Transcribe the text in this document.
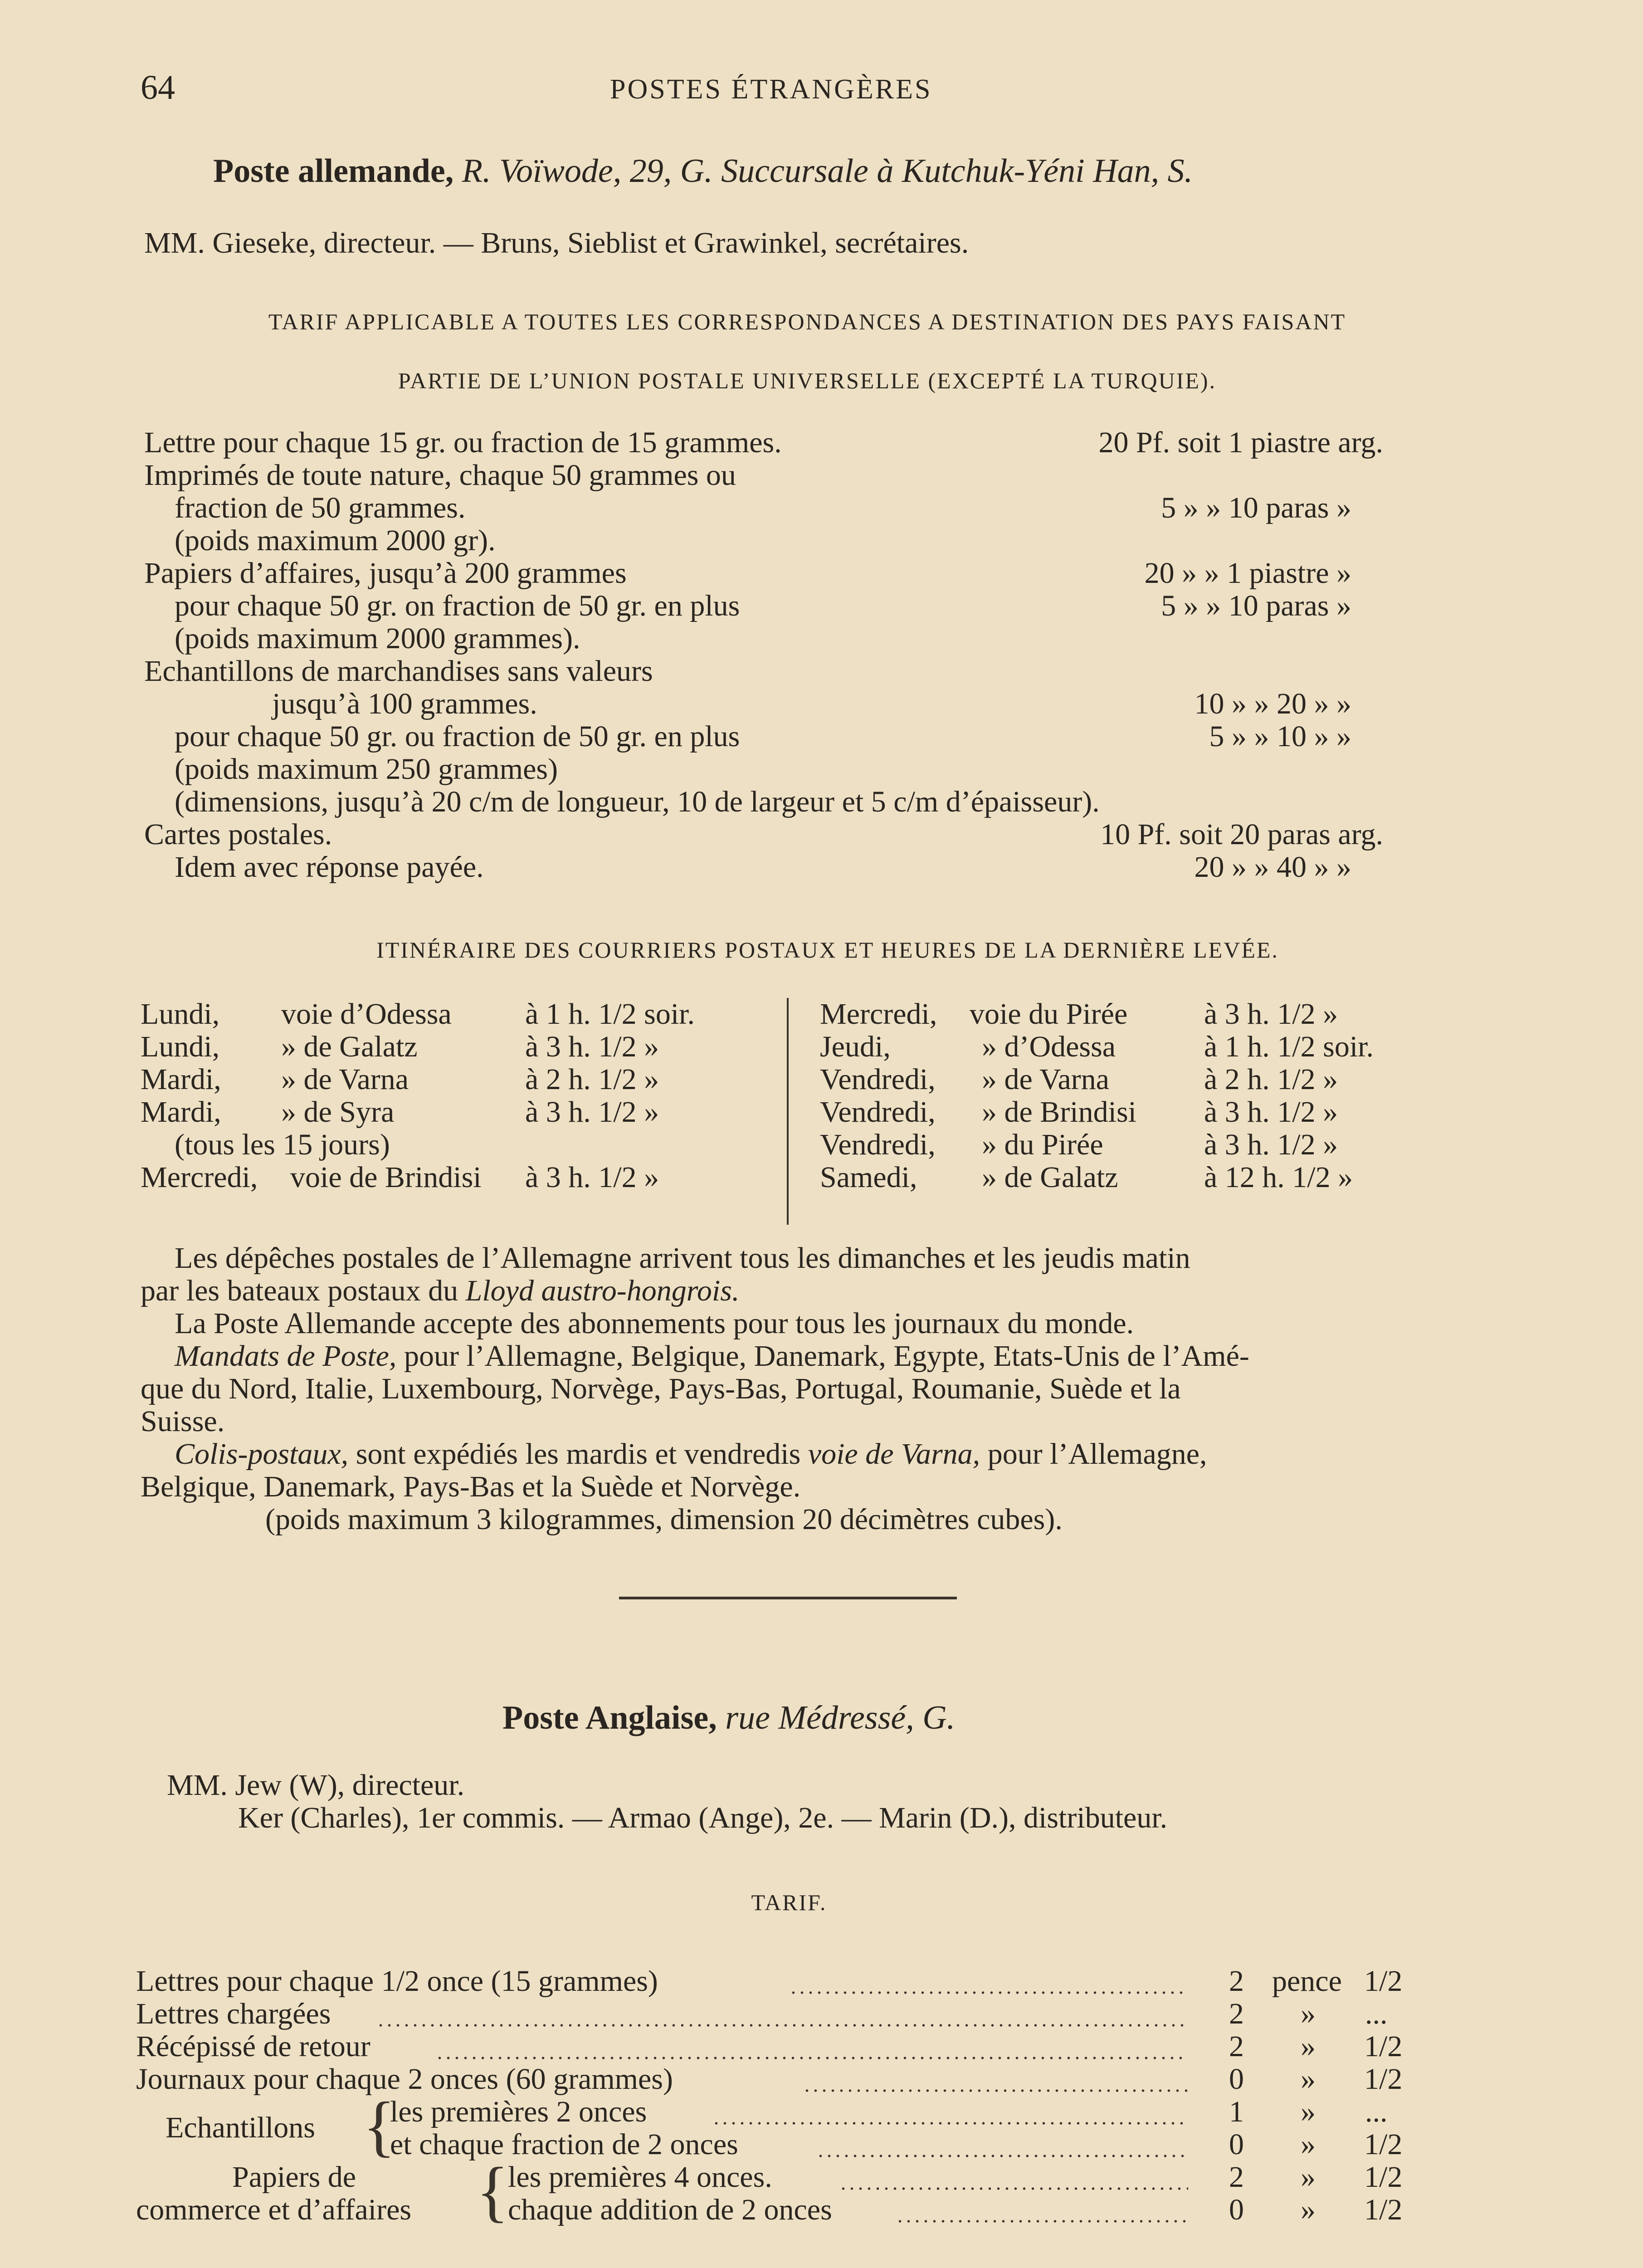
64	POSTES ÉTRANGÈRES
Poste allemande, R. Voïwode, 29, G. Succursale à Kutchuk-Yéni Han, S.
MM. Gieseke, directeur. — Bruns, Sieblist et Grawinkel, secrétaires.
TARIF APPLICABLE A TOUTES LES CORRESPONDANCES A DESTINATION DES PAYS FAISANT
PARTIE DE L’UNION POSTALE UNIVERSELLE (EXCEPTÉ LA TURQUIE).
Lettre pour chaque 15 gr. ou fraction de 15 grammes.	20 Pf. soit 1 piastre arg.
Imprimés de toute nature, chaque 50 grammes ou
fraction de 50 grammes.	5 » » 10 paras »
(poids maximum 2000 gr).
Papiers d’affaires, jusqu’à 200 grammes	20 » » 1 piastre »
pour chaque 50 gr. on fraction de 50 gr. en plus	5 » » 10 paras »
(poids maximum 2000 grammes).
Echantillons de marchandises sans valeurs
jusqu’à 100 grammes.	10 » » 20 » »
pour chaque 50 gr. ou fraction de 50 gr. en plus	5 » » 10 » »
(poids maximum 250 grammes)
(dimensions, jusqu’à 20 c/m de longueur, 10 de largeur et 5 c/m d’épaisseur).
Cartes postales.	10 Pf. soit 20 paras arg.
Idem avec réponse payée.	20 » » 40 » »
ITINÉRAIRE DES COURRIERS POSTAUX ET HEURES DE LA DERNIÈRE LEVÉE.
Lundi, voie d’Odessa à 1 h. 1/2 soir.
Lundi, » de Galatz	à 3 h. 1/2 »
Mardi, » de Varna	à 2 h. 1/2 »
Mardi, » de Syra	à 3 h. 1/2 »
(tous les 15 jours)
Mercredi, voie de Brindisi à 3 h. 1/2 »
Mercredi, voie du Pirée	à 3 h. 1/2 »
Jeudi,	» d’Odessa	à 1 h. 1/2 soir.
Vendredi, » de Varna	à 2 h. 1/2 »
Vendredi, » de Brindisi à 3 h. 1/2 »
Vendredi, » du Pirée	à 3 h. 1/2 »
Samedi, » de Galatz	à 12 h. 1/2 »
Les dépêches postales de l’Allemagne arrivent tous les dimanches et les jeudis matin
par les bateaux postaux du Lloyd austro-hongrois.
La Poste Allemande accepte des abonnements pour tous les journaux du monde.
Mandats de Poste, pour l’Allemagne, Belgique, Danemark, Egypte, Etats-Unis de l’Amé-
que du Nord, Italie, Luxembourg, Norvège, Pays-Bas, Portugal, Roumanie, Suède et la
Suisse.
Colis-postaux, sont expédiés les mardis et vendredis voie de Varna, pour l’Allemagne,
Belgique, Danemark, Pays-Bas et la Suède et Norvège.
(poids maximum 3 kilogrammes, dimension 20 décimètres cubes).
Poste Anglaise, rue Médressé, G.
MM. Jew (W), directeur.
Ker (Charles), 1er commis. — Armao (Ange), 2e. — Marin (D.), distributeur.
TARIF.
Lettres pour chaque 1/2 once (15 grammes)	2 pence 1/2
Lettres chargées	2 » ...
Récépissé de retour	2 » 1/2
Journaux pour chaque 2 onces (60 grammes)	0 » 1/2
Echantillons {
les premières 2 onces	1 » ...
et chaque fraction de 2 onces	0 » 1/2
Papiers de
commerce et d’affaires {
les premières 4 onces.	2 » 1/2
chaque addition de 2 onces	0 » 1/2
